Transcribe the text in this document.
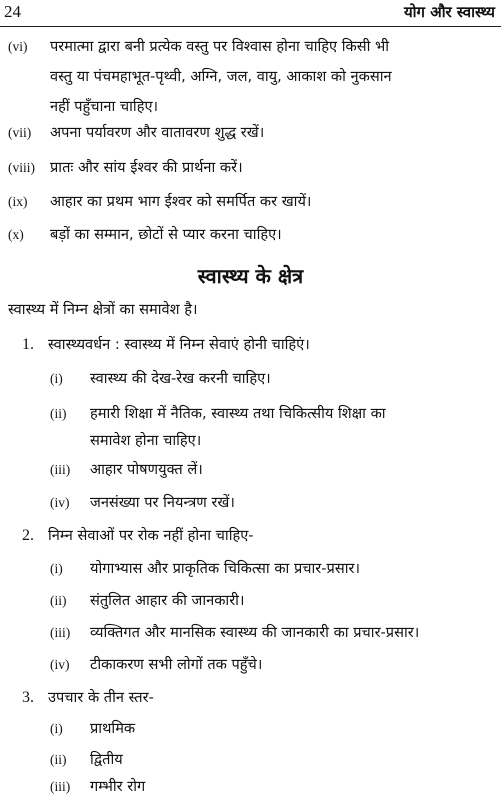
24	योग और स्वास्थ्य
(vi) परमात्मा द्वारा बनी प्रत्येक वस्तु पर विश्वास होना चाहिए किसी भी
वस्तु या पंचमहाभूत-पृथ्वी, अग्नि, जल, वायु, आकाश को नुकसान
नहीं पहुँचाना चाहिए।
(vii) अपना पर्यावरण और वातावरण शुद्ध रखें।
(viii) प्रातः और सांय ईश्वर की प्रार्थना करें।
(ix) आहार का प्रथम भाग ईश्वर को समर्पित कर खायें।
(x) बड़ों का सम्मान, छोटों से प्यार करना चाहिए।
स्वास्थ्य के क्षेत्र
स्वास्थ्य में निम्न क्षेत्रों का समावेश है।
1. स्वास्थ्यवर्धन : स्वास्थ्य में निम्न सेवाएं होनी चाहिएं।
(i) स्वास्थ्य की देख-रेख करनी चाहिए।
(ii) हमारी शिक्षा में नैतिक, स्वास्थ्य तथा चिकित्सीय शिक्षा का
समावेश होना चाहिए।
(iii) आहार पोषणयुक्त लें।
(iv) जनसंख्या पर नियन्त्रण रखें।
2. निम्न सेवाओं पर रोक नहीं होना चाहिए-
(i) योगाभ्यास और प्राकृतिक चिकित्सा का प्रचार-प्रसार।
(ii) संतुलित आहार की जानकारी।
(iii) व्यक्तिगत और मानसिक स्वास्थ्य की जानकारी का प्रचार-प्रसार।
(iv) टीकाकरण सभी लोगों तक पहुँचे।
3. उपचार के तीन स्तर-
(i) प्राथमिक
(ii) द्वितीय
(iii) गम्भीर रोग
